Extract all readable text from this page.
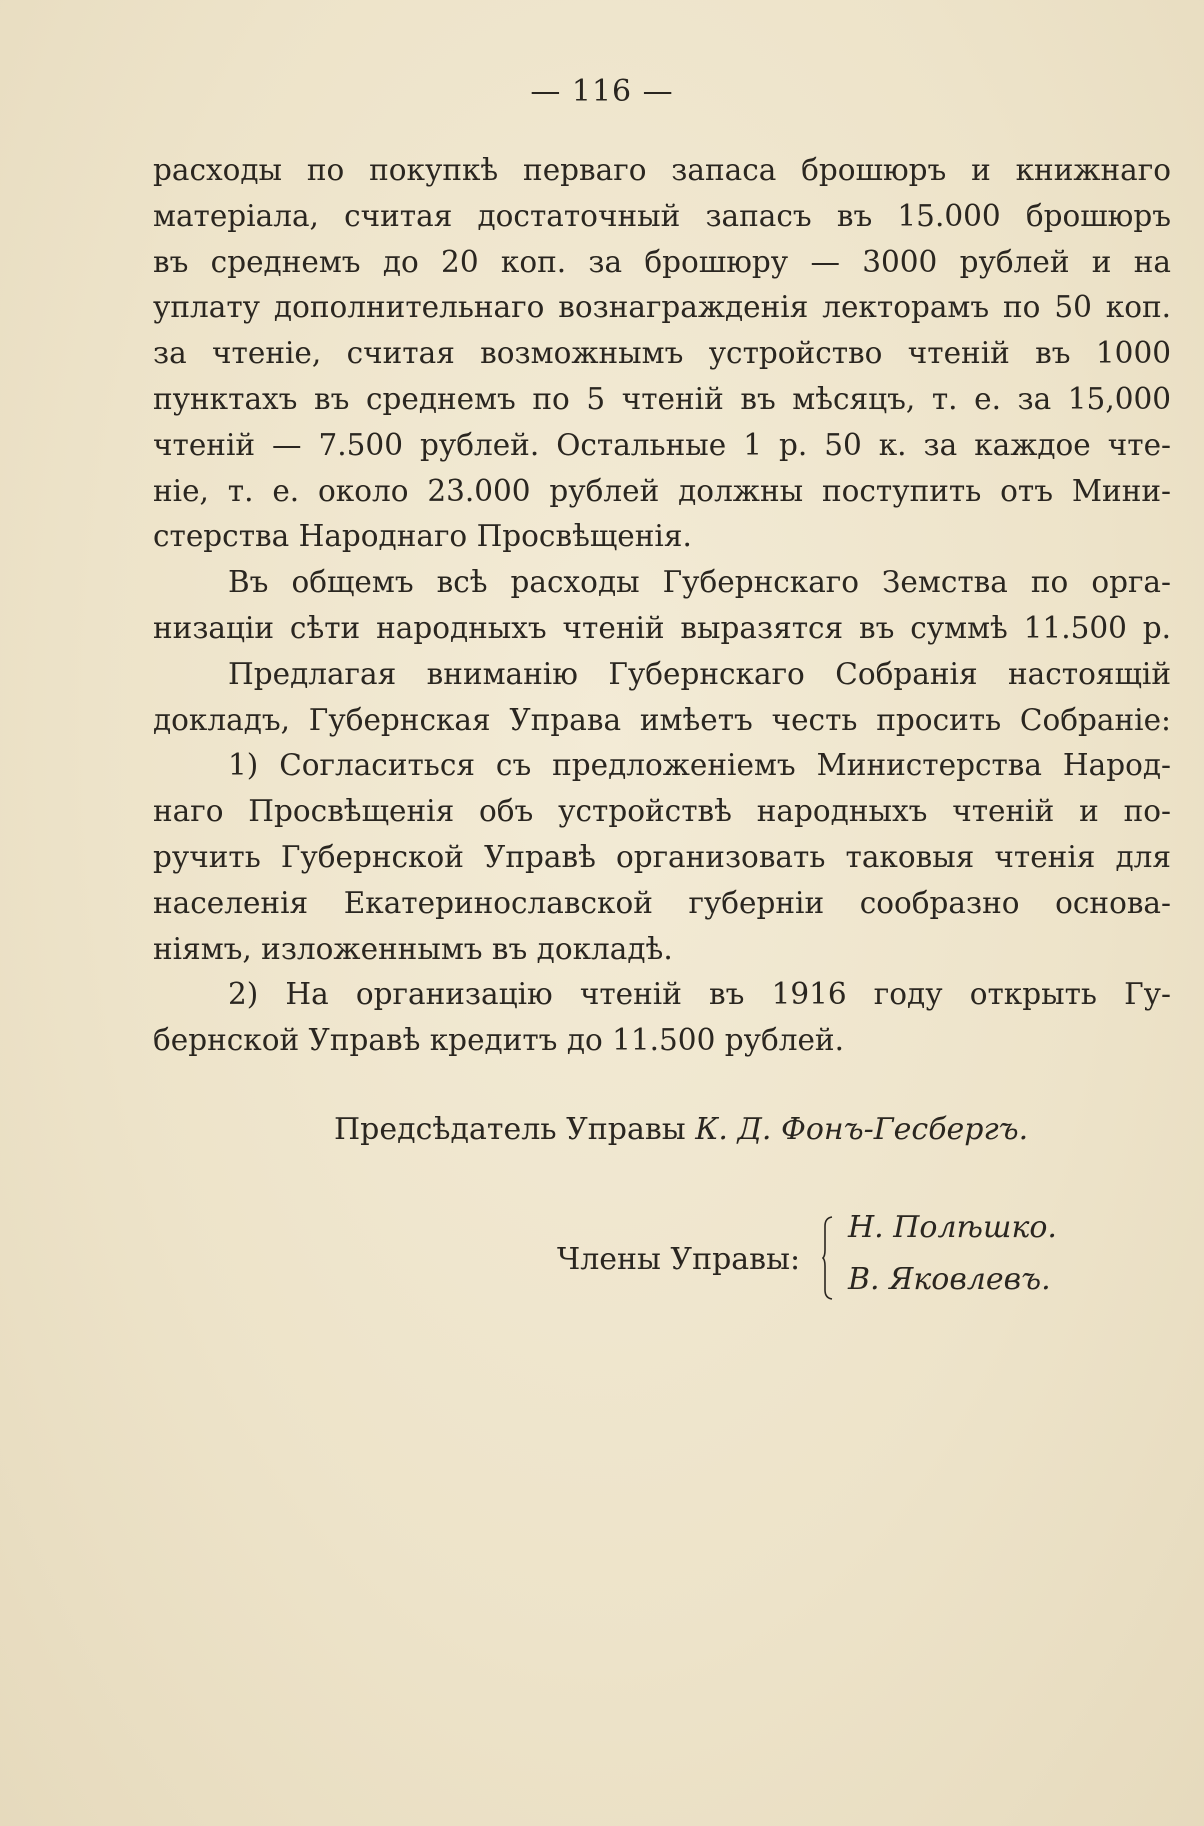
— 116 —
расходы по покупкѣ перваго запаса брошюръ и книжнаго
матеріала, считая достаточный запасъ въ 15.000 брошюръ
въ среднемъ до 20 коп. за брошюру — 3000 рублей и на
уплату дополнительнаго вознагражденія лекторамъ по 50 коп.
за чтеніе, считая возможнымъ устройство чтеній въ 1000
пунктахъ въ среднемъ по 5 чтеній въ мѣсяцъ, т. е. за 15,000
чтеній — 7.500 рублей. Остальные 1 р. 50 к. за каждое чте-
ніе, т. е. около 23.000 рублей должны поступить отъ Мини-
стерства Народнаго Просвѣщенія.
Въ общемъ всѣ расходы Губернскаго Земства по орга-
низаціи сѣти народныхъ чтеній выразятся въ суммѣ 11.500 р.
Предлагая вниманію Губернскаго Собранія настоящій
докладъ, Губернская Управа имѣетъ честь просить Собраніе:
1) Согласиться съ предложеніемъ Министерства Народ-
наго Просвѣщенія объ устройствѣ народныхъ чтеній и по-
ручить Губернской Управѣ организовать таковыя чтенія для
населенія Екатеринославской губерніи сообразно основа-
ніямъ, изложеннымъ въ докладѣ.
2) На организацію чтеній въ 1916 году открыть Гу-
бернской Управѣ кредитъ до 11.500 рублей.
Предсѣдатель Управы К. Д. Фонъ-Гесбергъ.
Члены Управы:
Н. Полѣшко.
В. Яковлевъ.
